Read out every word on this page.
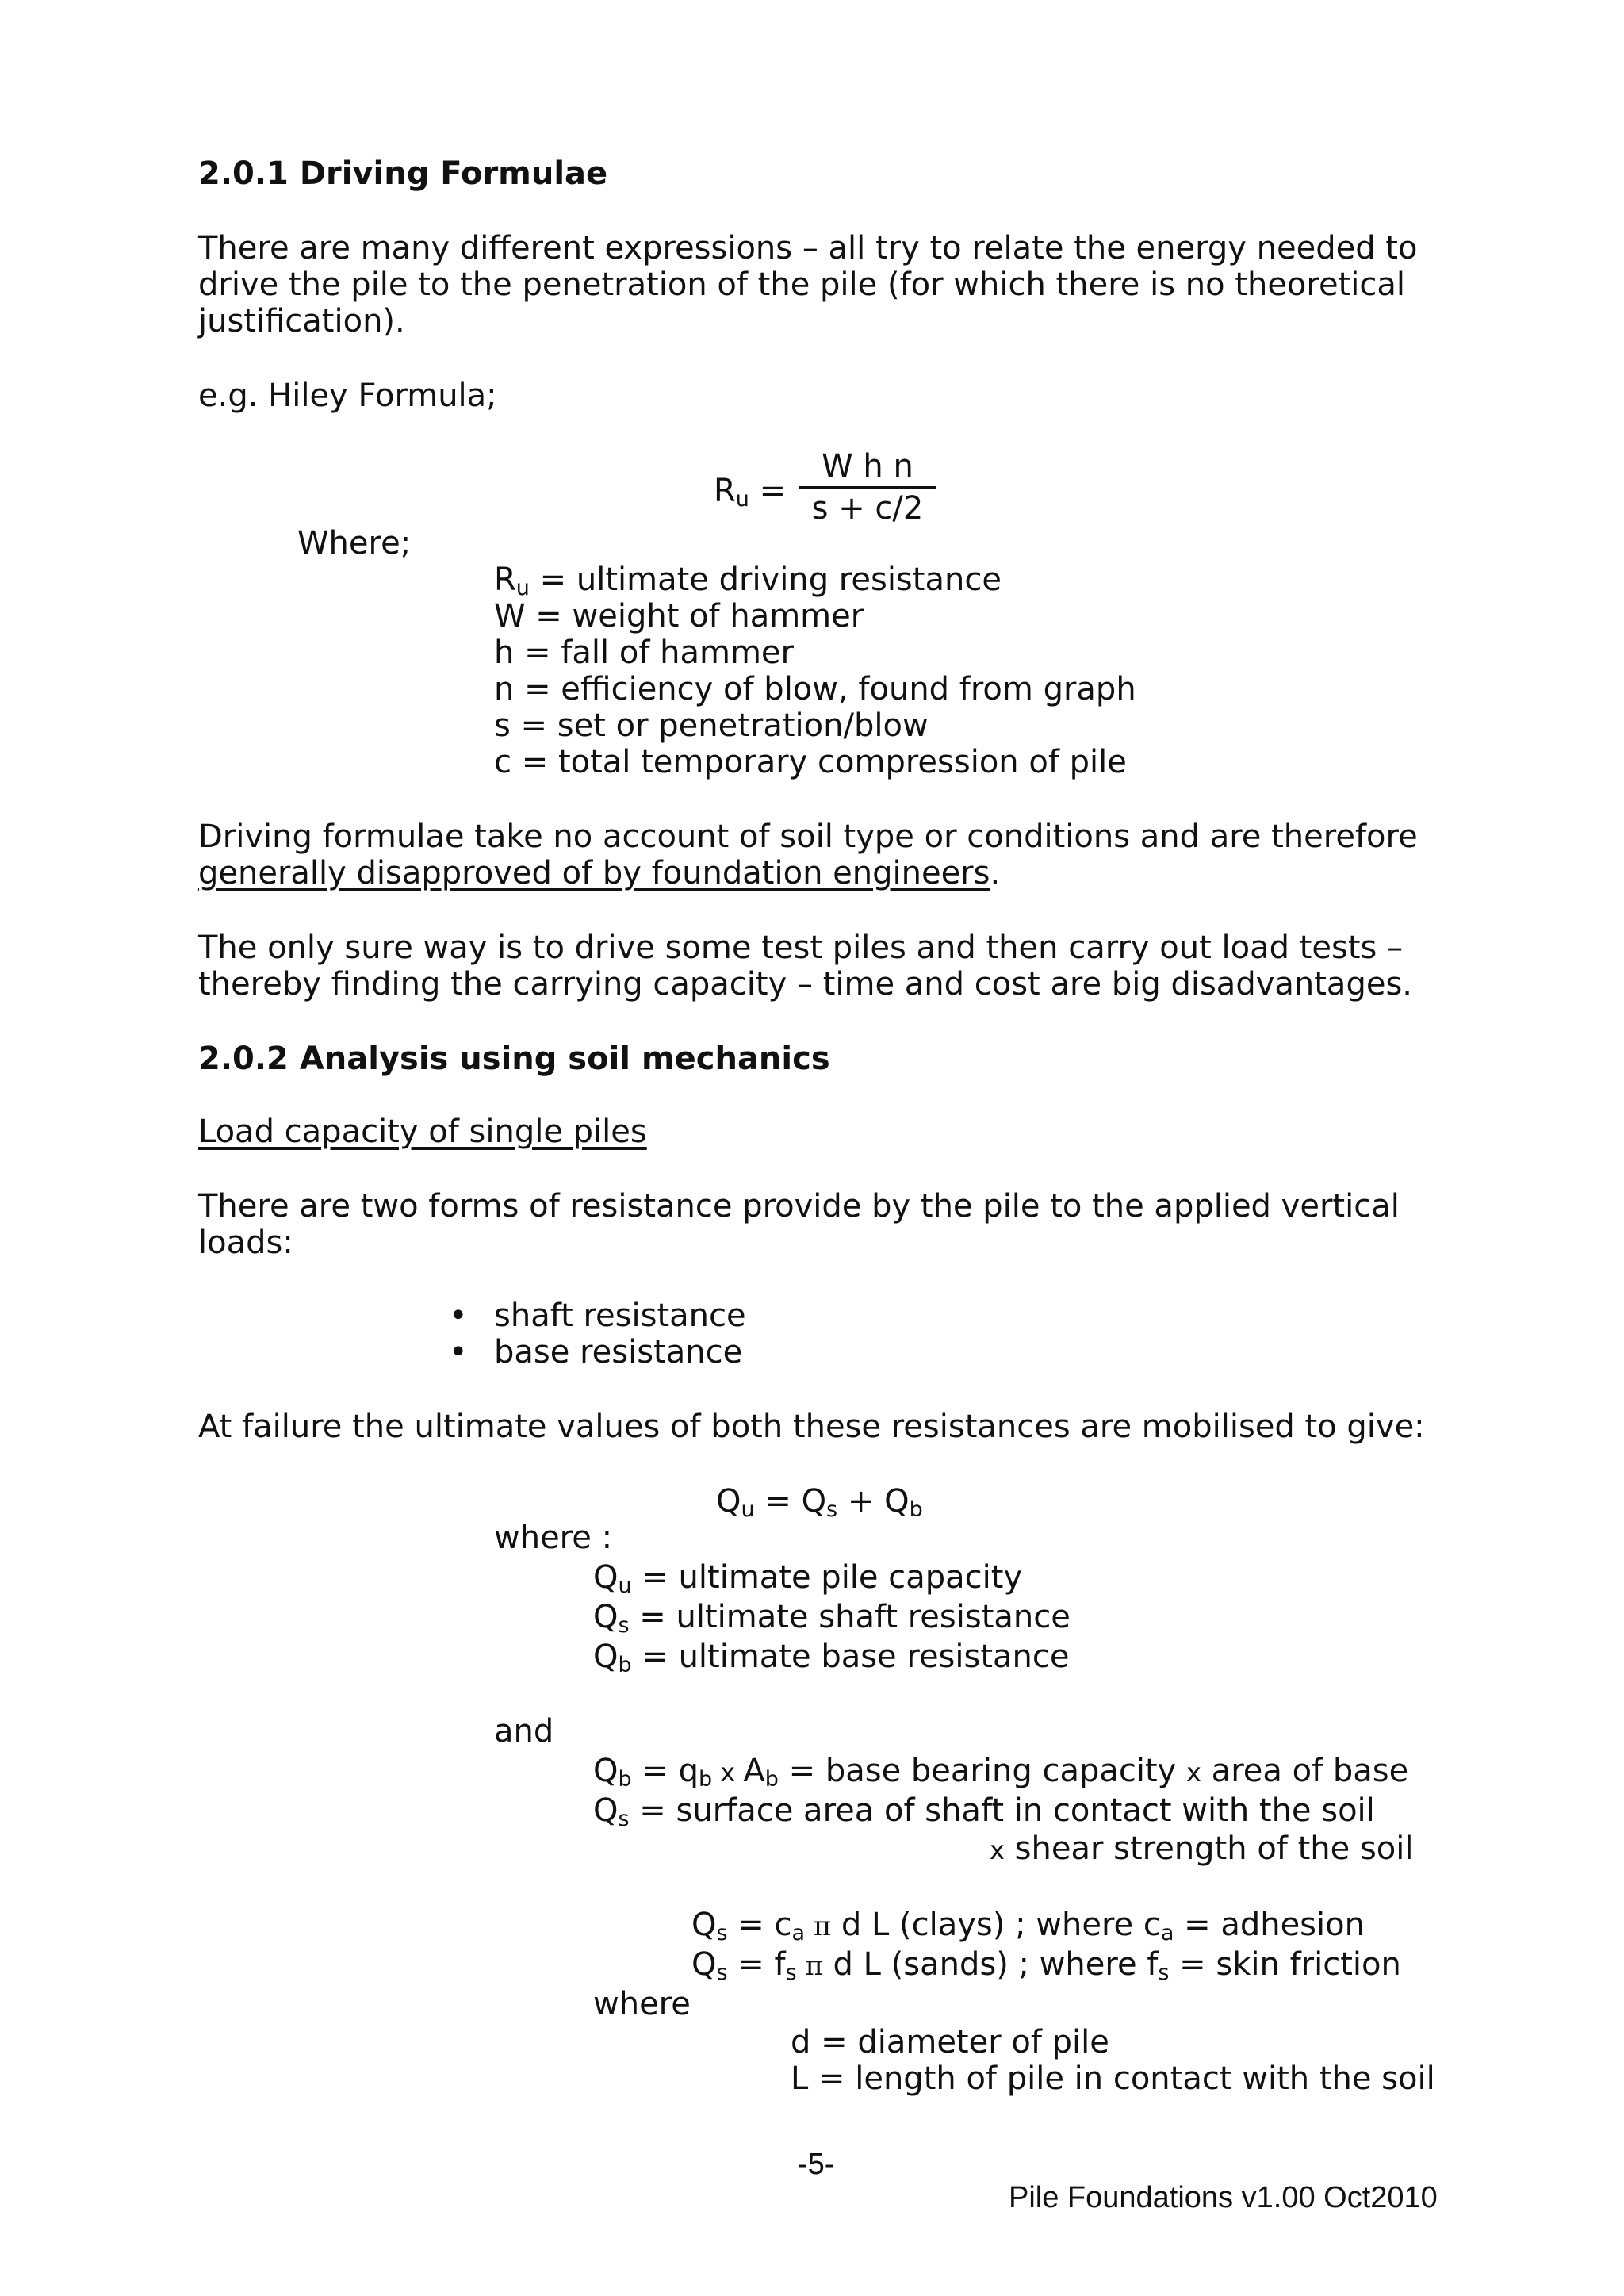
2.0.1 Driving Formulae
There are many different expressions – all try to relate the energy needed to
drive the pile to the penetration of the pile (for which there is no theoretical
justification).
e.g. Hiley Formula;
$R_u$ =
W h n
s + c/2
Where;
$R_u$ = ultimate driving resistance
W = weight of hammer
h = fall of hammer
n = efficiency of blow, found from graph
s = set or penetration/blow
c = total temporary compression of pile
Driving formulae take no account of soil type or conditions and are therefore
generally disapproved of by foundation engineers.
The only sure way is to drive some test piles and then carry out load tests –
thereby finding the carrying capacity – time and cost are big disadvantages.
2.0.2 Analysis using soil mechanics
Load capacity of single piles
There are two forms of resistance provide by the pile to the applied vertical
loads:
• shaft resistance
• base resistance
At failure the ultimate values of both these resistances are mobilised to give:
$Q_u = Q_s + Q_b$
where :
$Q_u$ = ultimate pile capacity
$Q_s$ = ultimate shaft resistance
$Q_b$ = ultimate base resistance
and
$Q_b = q_b$ x $A_b$ = base bearing capacity x area of base
$Q_s$ = surface area of shaft in contact with the soil
x shear strength of the soil
$Q_s = c_a$ π d L (clays) ; where $c_a$ = adhesion
$Q_s = f_s$ π d L (sands) ; where $f_s$ = skin friction
where
d = diameter of pile
L = length of pile in contact with the soil
-5-
Pile Foundations v1.00 Oct2010
